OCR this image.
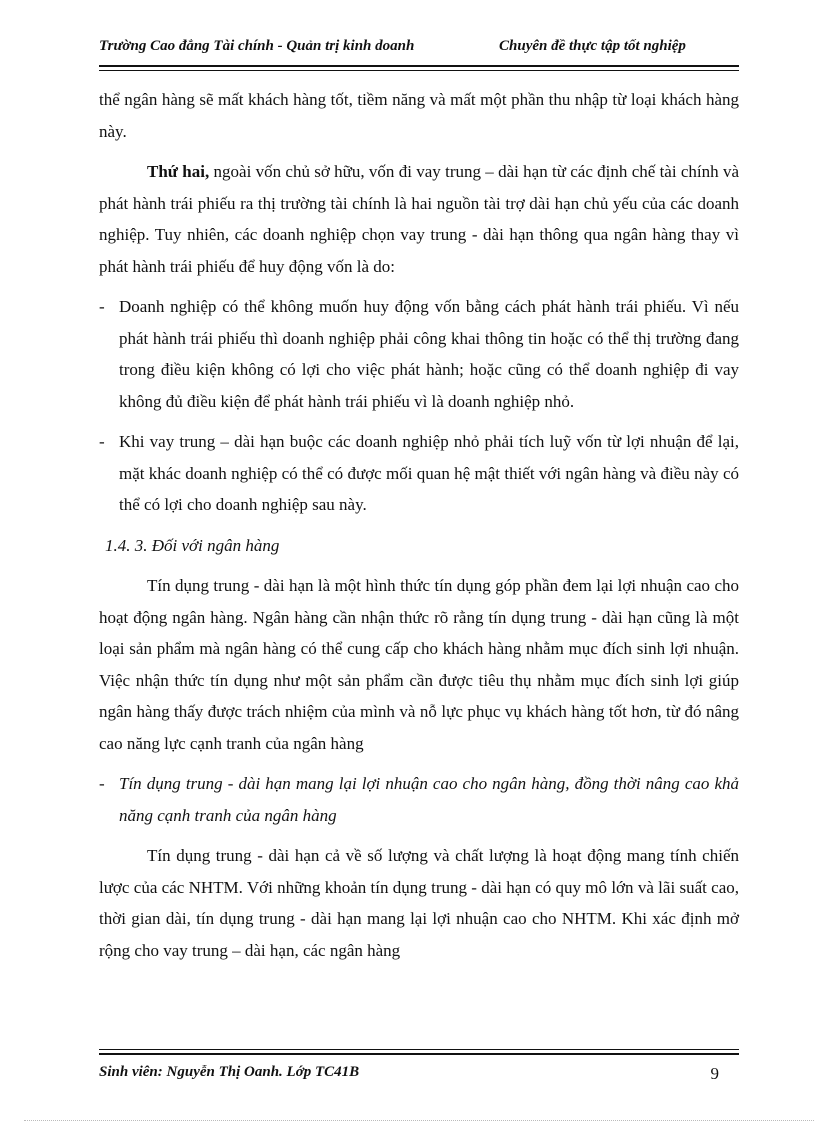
Trường Cao đẳng Tài chính - Quản trị kinh doanh	Chuyên đề thực tập tốt nghiệp

thể ngân hàng sẽ mất khách hàng tốt, tiềm năng và mất một phần thu nhập từ loại khách hàng này.

Thứ hai, ngoài vốn chủ sở hữu, vốn đi vay trung – dài hạn từ các định chế tài chính và phát hành trái phiếu ra thị trường tài chính là hai nguồn tài trợ dài hạn chủ yếu của các doanh nghiệp. Tuy nhiên, các doanh nghiệp chọn vay trung - dài hạn thông qua ngân hàng thay vì phát hành trái phiếu để huy động vốn là do:

- Doanh nghiệp có thể không muốn huy động vốn bằng cách phát hành trái phiếu. Vì nếu phát hành trái phiếu thì doanh nghiệp phải công khai thông tin hoặc có thể thị trường đang trong điều kiện không có lợi cho việc phát hành; hoặc cũng có thể doanh nghiệp đi vay không đủ điều kiện để phát hành trái phiếu vì là doanh nghiệp nhỏ.

- Khi vay trung – dài hạn buộc các doanh nghiệp nhỏ phải tích luỹ vốn từ lợi nhuận để lại, mặt khác doanh nghiệp có thể có được mối quan hệ mật thiết với ngân hàng và điều này có thể có lợi cho doanh nghiệp sau này.

1.4. 3. Đối với ngân hàng

Tín dụng trung - dài hạn là một hình thức tín dụng góp phần đem lại lợi nhuận cao cho hoạt động ngân hàng. Ngân hàng cần nhận thức rõ rằng tín dụng trung - dài hạn cũng là một loại sản phẩm mà ngân hàng có thể cung cấp cho khách hàng nhằm mục đích sinh lợi nhuận. Việc nhận thức tín dụng như một sản phẩm cần được tiêu thụ nhằm mục đích sinh lợi giúp ngân hàng thấy được trách nhiệm của mình và nỗ lực phục vụ khách hàng tốt hơn, từ đó nâng cao năng lực cạnh tranh của ngân hàng

- Tín dụng trung - dài hạn mang lại lợi nhuận cao cho ngân hàng, đồng thời nâng cao khả năng cạnh tranh của ngân hàng

Tín dụng trung - dài hạn cả về số lượng và chất lượng là hoạt động mang tính chiến lược của các NHTM. Với những khoản tín dụng trung - dài hạn có quy mô lớn và lãi suất cao, thời gian dài, tín dụng trung - dài hạn mang lại lợi nhuận cao cho NHTM. Khi xác định mở rộng cho vay trung – dài hạn, các ngân hàng

Sinh viên: Nguyễn Thị Oanh. Lớp TC41B	9
